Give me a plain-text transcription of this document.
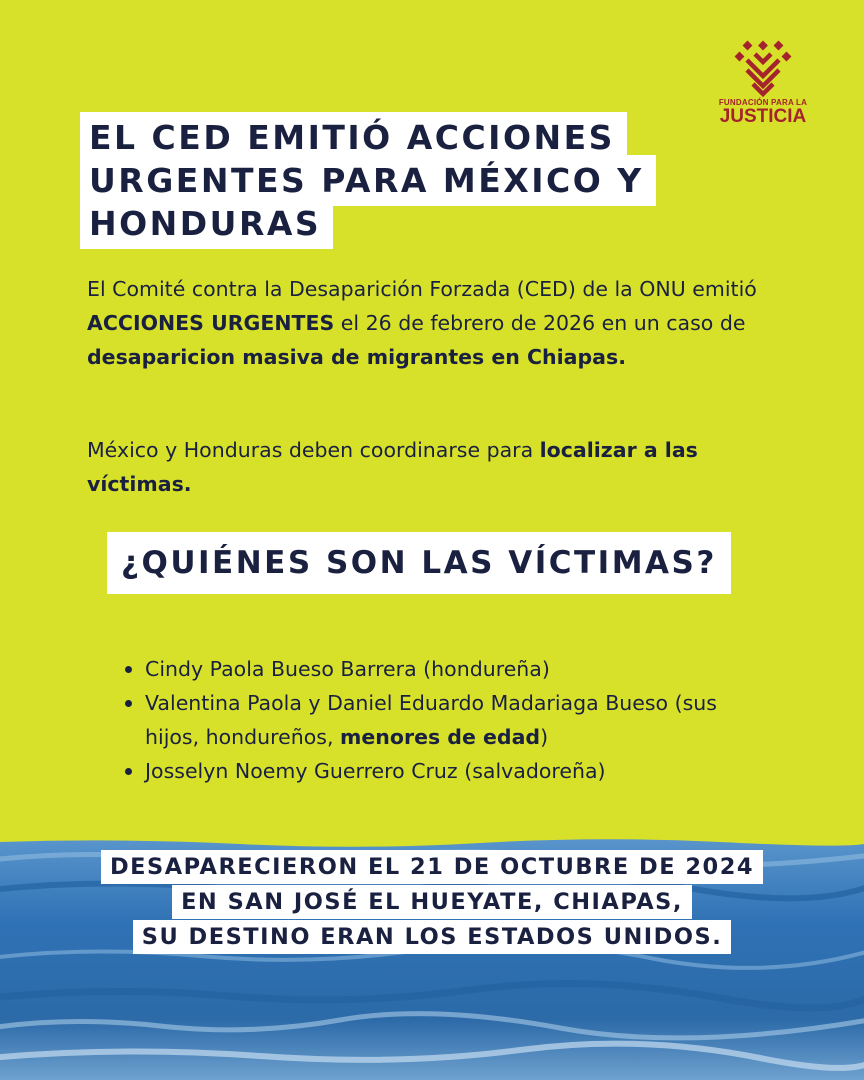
FUNDACIÓN PARA LA
JUSTICIA
EL CED EMITIÓ ACCIONES URGENTES PARA MÉXICO Y HONDURAS

El Comité contra la Desaparición Forzada (CED) de la ONU emitió ACCIONES URGENTES el 26 de febrero de 2026 en un caso de desaparicion masiva de migrantes en Chiapas.

México y Honduras deben coordinarse para localizar a las víctimas.

¿QUIÉNES SON LAS VÍCTIMAS?
Cindy Paola Bueso Barrera (hondureña)
Valentina Paola y Daniel Eduardo Madariaga Bueso (sus hijos, hondureños, menores de edad)
Josselyn Noemy Guerrero Cruz (salvadoreña)
DESAPARECIERON EL 21 DE OCTUBRE DE 2024
EN SAN JOSÉ EL HUEYATE, CHIAPAS,
SU DESTINO ERAN LOS ESTADOS UNIDOS.
